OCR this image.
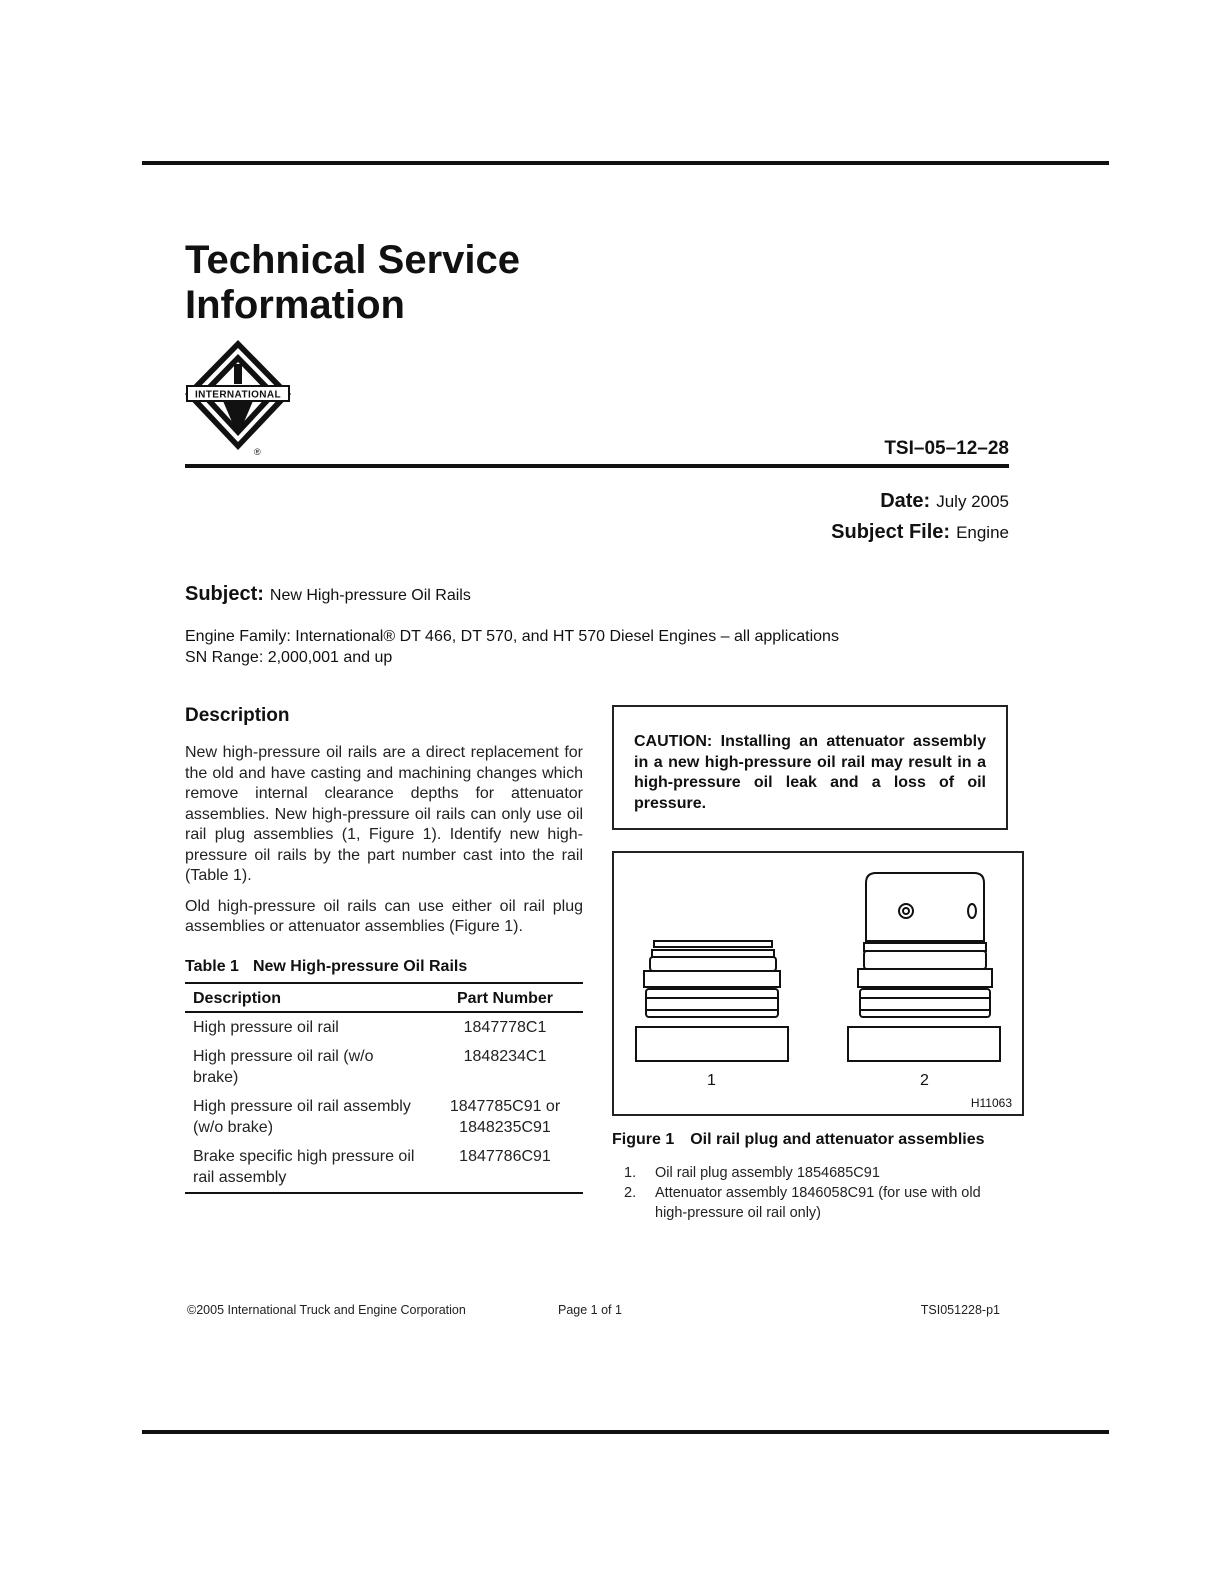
Technical Service
Information
INTERNATIONAL
®	TSI–05–12–28
Date: July 2005
Subject File: Engine
Subject: New High-pressure Oil Rails
Engine Family: International® DT 466, DT 570, and HT 570 Diesel Engines – all applications
SN Range: 2,000,001 and up
Description

New high-pressure oil rails are a direct replacement for the old and have casting and machining changes which remove internal clearance depths for attenuator assemblies. New high-pressure oil rails can only use oil rail plug assemblies (1, Figure 1). Identify new high-pressure oil rails by the part number cast into the rail (Table 1).

Old high-pressure oil rails can use either oil rail plug assemblies or attenuator assemblies (Figure 1).

Table 1 New High-pressure Oil Rails
Description	Part Number
High pressure oil rail	1847778C1
High pressure oil rail (w/o brake)	1848234C1
High pressure oil rail assembly (w/o brake)	1847785C91 or 1848235C91
Brake specific high pressure oil rail assembly	1847786C91
CAUTION: Installing an attenuator assembly in a new high-pressure oil rail may result in a high-pressure oil leak and a loss of oil pressure.
1	2
H11063
Figure 1 Oil rail plug and attenuator assemblies
1.	Oil rail plug assembly 1854685C91
2.	Attenuator assembly 1846058C91 (for use with old high-pressure oil rail only)
©2005 International Truck and Engine Corporation	Page 1 of 1	TSI051228-p1
